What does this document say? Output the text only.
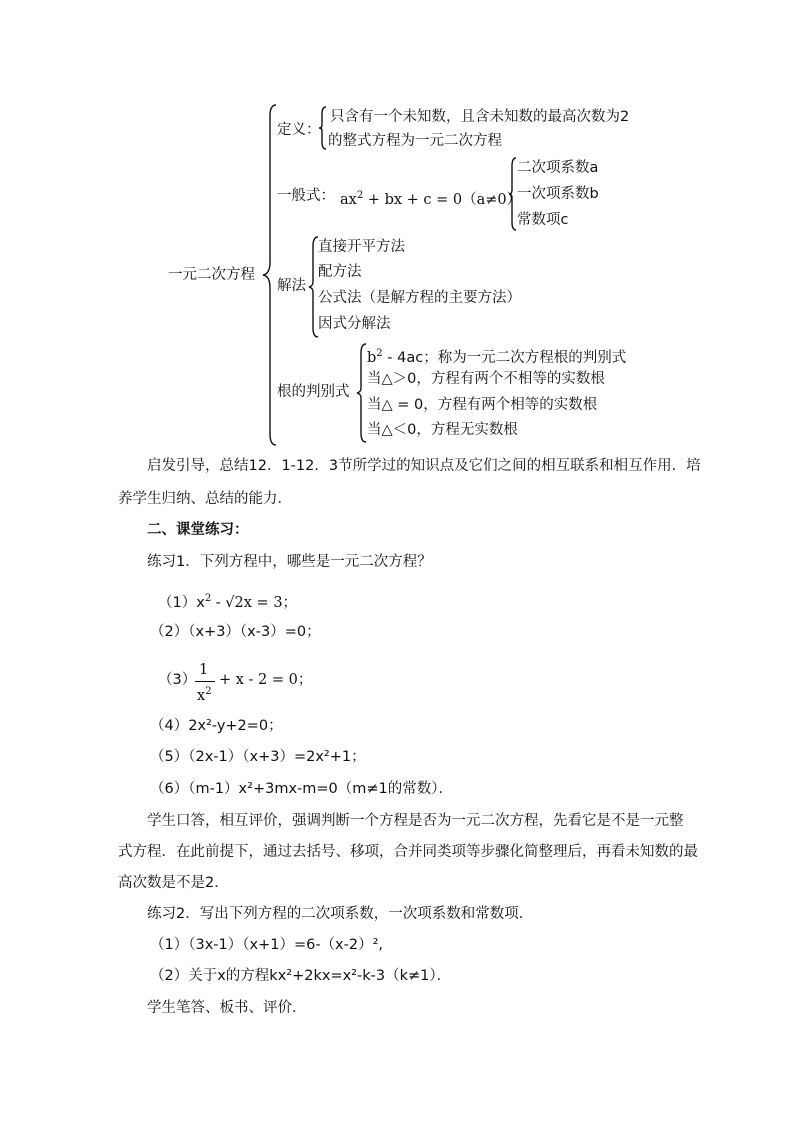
一元二次方程
定义：
只含有一个未知数，且含未知数的最高次数为2
的整式方程为一元二次方程
一般式： $ax^2$ + bx + c = 0（a≠0）
二次项系数a
一次项系数b
常数项c
解法
直接开平方法
配方法
公式法（是解方程的主要方法）
因式分解法
根的判别式
$b^2 - 4ac$；称为一元二次方程根的判别式
当△＞0，方程有两个不相等的实数根
当△ = 0，方程有两个相等的实数根
当△＜0，方程无实数根
启发引导，总结12．1-12．3节所学过的知识点及它们之间的相互联系和相互作用．培
养学生归纳、总结的能力．
二、课堂练习：
练习1．下列方程中，哪些是一元二次方程？
$(1)x^2 - √2x = 3$；
（2）（x+3）（x-3）=0；
（3）
1
$x^2$
+ x - 2 = 0；
（4）2x²-y+2=0；
（5）（2x-1）（x+3）=2x²+1；
（6）（m-1）x²+3mx-m=0（m≠1的常数）．
学生口答，相互评价，强调判断一个方程是否为一元二次方程，先看它是不是一元整
式方程．在此前提下，通过去括号、移项，合并同类项等步骤化简整理后，再看未知数的最
高次数是不是2．
练习2．写出下列方程的二次项系数，一次项系数和常数项．
（1）（3x-1）（x+1）=6-（x-2）²,
（2）关于x的方程kx²+2kx=x²-k-3（k≠1）．
学生笔答、板书、评价．
